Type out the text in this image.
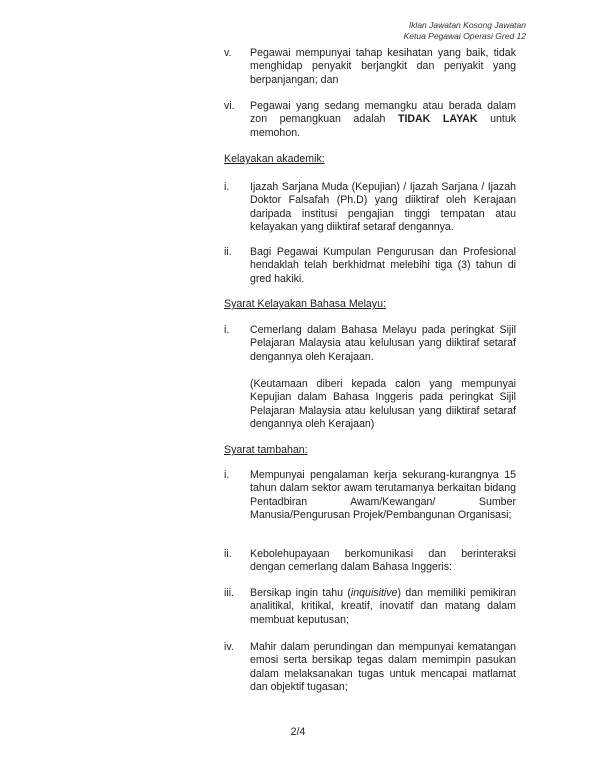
Iklan Jawatan Kosong Jawatan
Ketua Pegawai Operasi Gred 12
v. Pegawai mempunyai tahap kesihatan yang baik, tidak menghidap penyakit berjangkit dan penyakit yang berpanjangan; dan
vi. Pegawai yang sedang memangku atau berada dalam zon pemangkuan adalah TIDAK LAYAK untuk memohon.
Kelayakan akademik:
i. Ijazah Sarjana Muda (Kepujian) / Ijazah Sarjana / Ijazah Doktor Falsafah (Ph.D) yang diiktiraf oleh Kerajaan daripada institusi pengajian tinggi tempatan atau kelayakan yang diiktiraf setaraf dengannya.
ii. Bagi Pegawai Kumpulan Pengurusan dan Profesional hendaklah telah berkhidmat melebihi tiga (3) tahun di gred hakiki.
Syarat Kelayakan Bahasa Melayu:
i. Cemerlang dalam Bahasa Melayu pada peringkat Sijil Pelajaran Malaysia atau kelulusan yang diiktiraf setaraf dengannya oleh Kerajaan.
(Keutamaan diberi kepada calon yang mempunyai Kepujian dalam Bahasa Inggeris pada peringkat Sijil Pelajaran Malaysia atau kelulusan yang diiktiraf setaraf dengannya oleh Kerajaan)
Syarat tambahan:
i. Mempunyai pengalaman kerja sekurang-kurangnya 15 tahun dalam sektor awam terutamanya berkaitan bidang Pentadbiran Awam/Kewangan/ Sumber Manusia/Pengurusan Projek/Pembangunan Organisasi;
ii. Kebolehupayaan berkomunikasi dan berinteraksi dengan cemerlang dalam Bahasa Inggeris:
iii. Bersikap ingin tahu (inquisitive) dan memiliki pemikiran analitikal, kritikal, kreatif, inovatif dan matang dalam membuat keputusan;
iv. Mahir dalam perundingan dan mempunyai kematangan emosi serta bersikap tegas dalam memimpin pasukan dalam melaksanakan tugas untuk mencapai matlamat dan objektif tugasan;
2/4
